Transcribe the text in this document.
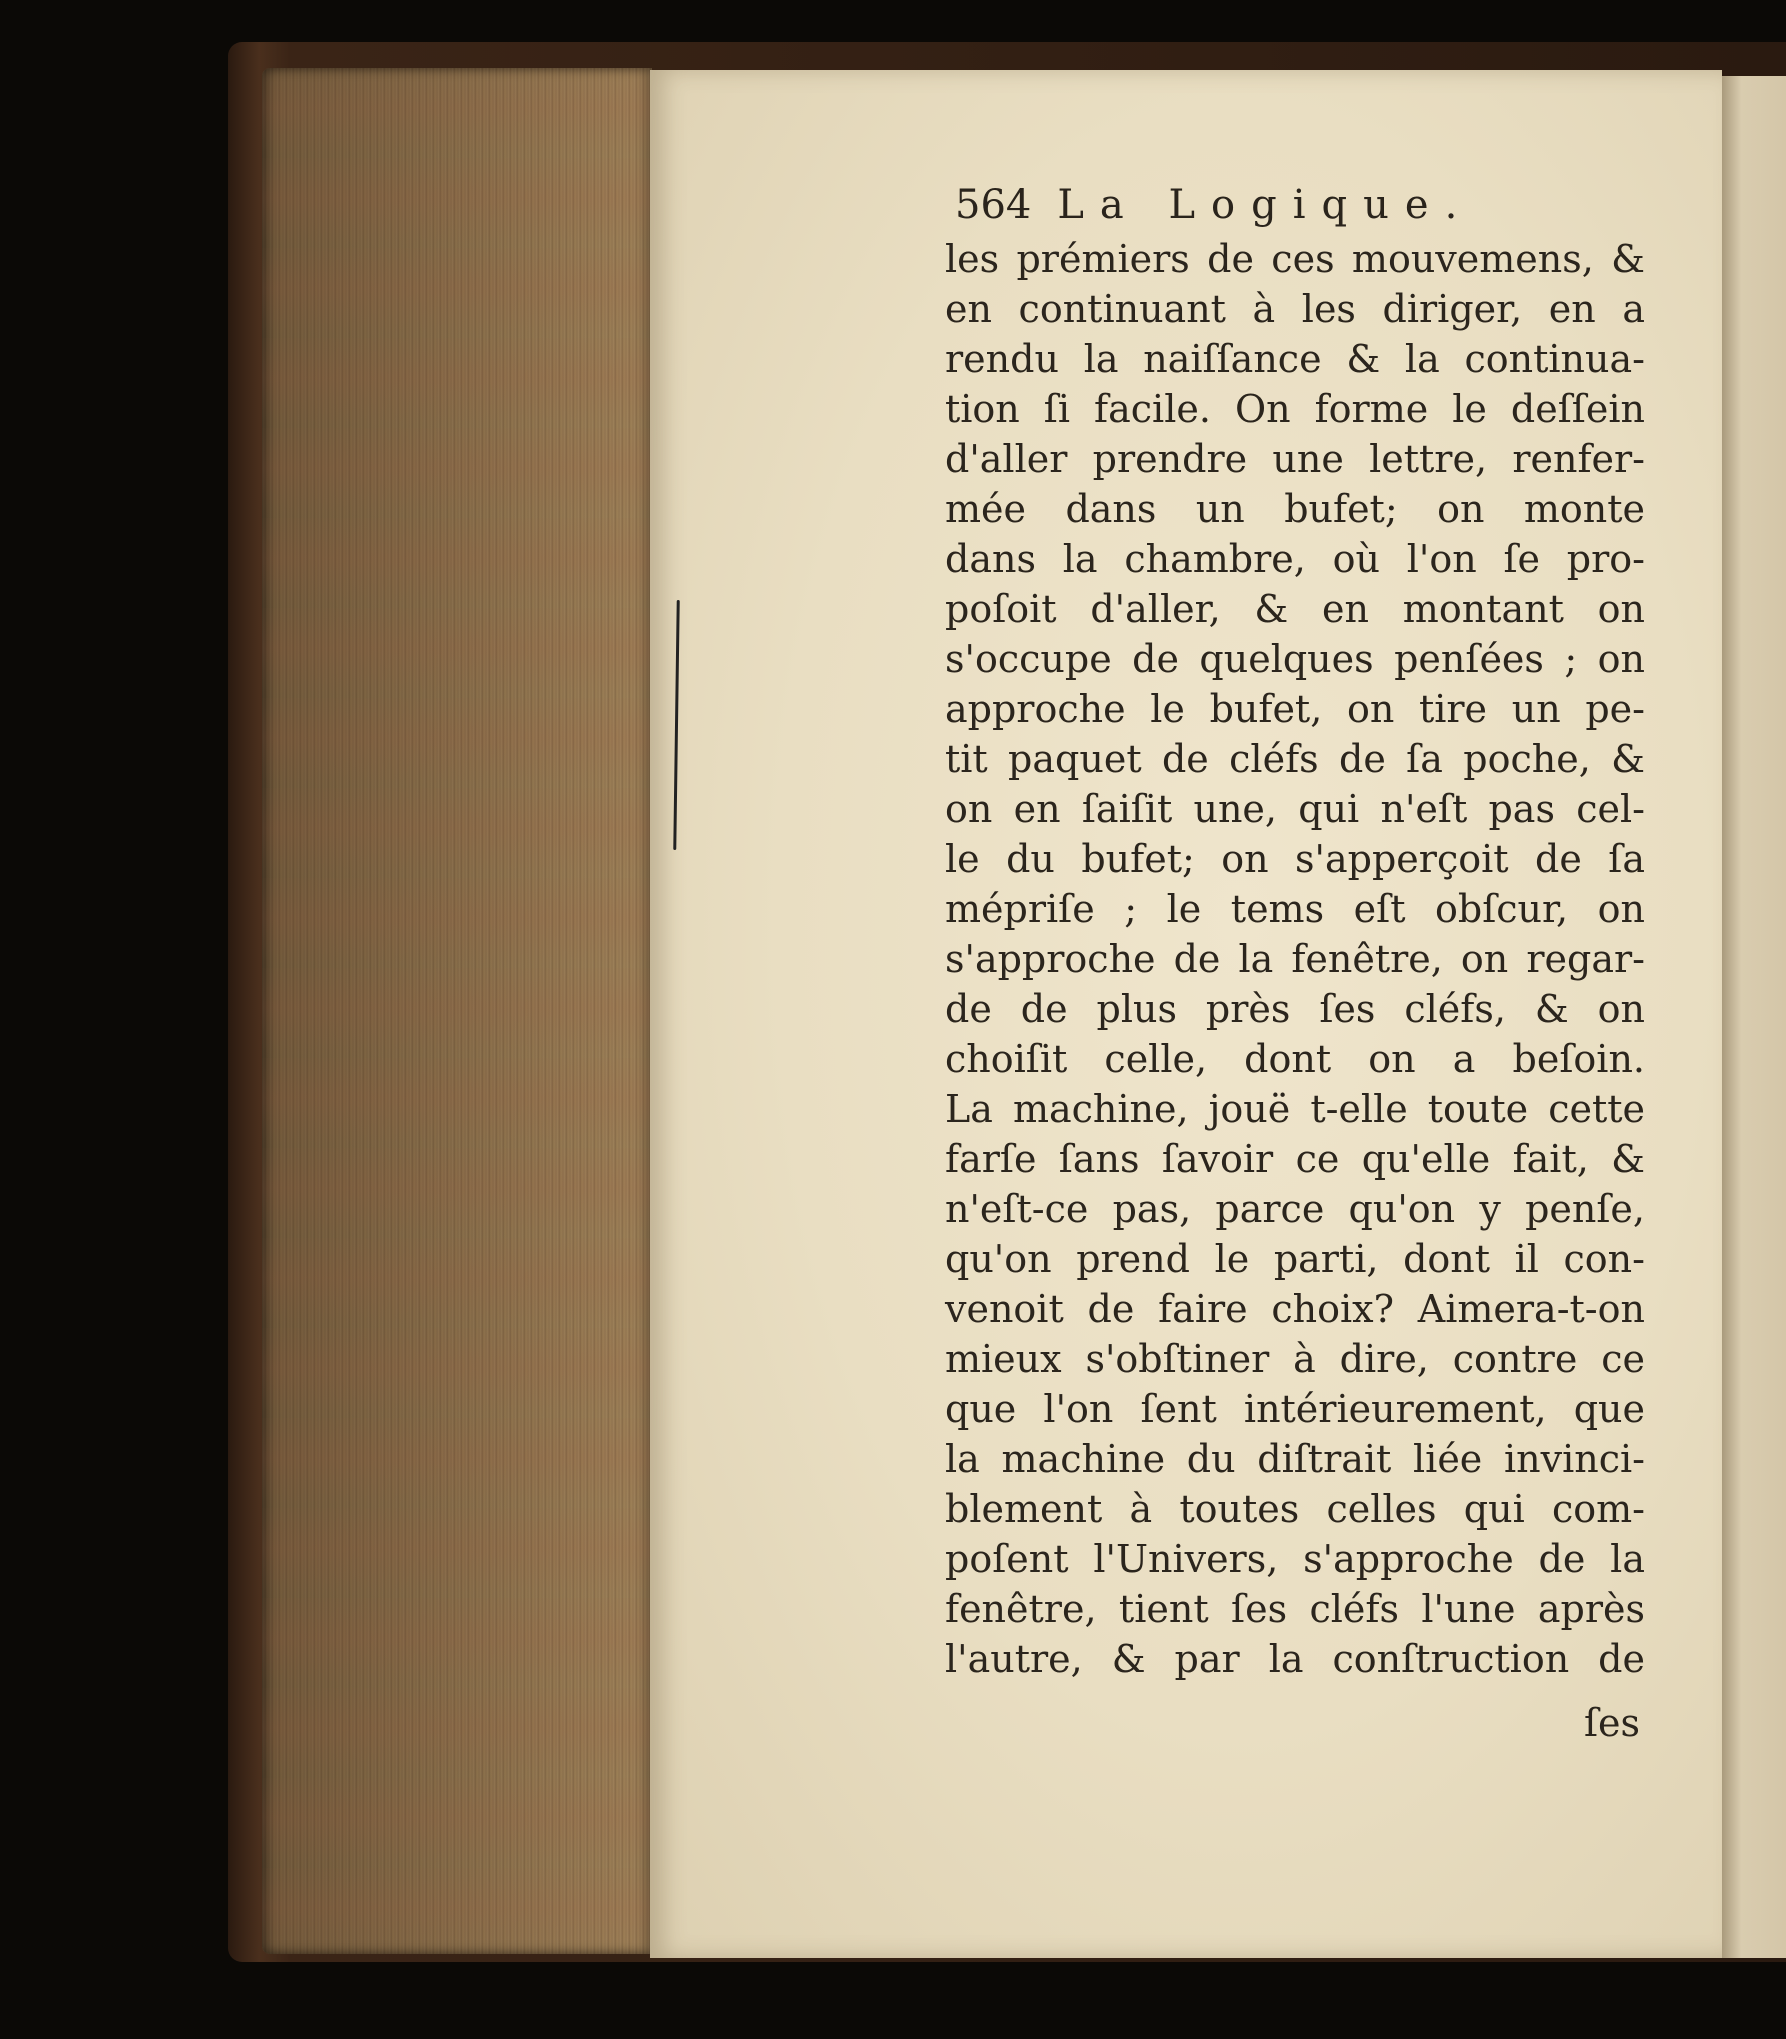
564 La Logique.
les prémiers de ces mouvemens, &
en continuant à les diriger, en a
rendu la naiſſance & la continua-
tion ſi facile. On forme le deſſein
d'aller prendre une lettre, renfer-
mée dans un bufet; on monte
dans la chambre, où l'on ſe pro-
poſoit d'aller, & en montant on
s'occupe de quelques penſées ; on
approche le bufet, on tire un pe-
tit paquet de cléfs de ſa poche, &
on en ſaiſit une, qui n'eſt pas cel-
le du bufet; on s'apperçoit de ſa
mépriſe ; le tems eſt obſcur, on
s'approche de la fenêtre, on regar-
de de plus près ſes cléfs, & on
choiſit celle, dont on a beſoin.
La machine, jouë t-elle toute cette
farſe ſans ſavoir ce qu'elle fait, &
n'eſt-ce pas, parce qu'on y penſe,
qu'on prend le parti, dont il con-
venoit de faire choix? Aimera-t-on
mieux s'obſtiner à dire, contre ce
que l'on ſent intérieurement, que
la machine du diſtrait liée invinci-
blement à toutes celles qui com-
poſent l'Univers, s'approche de la
fenêtre, tient ſes cléfs l'une après
l'autre, & par la conſtruction de
ſes
